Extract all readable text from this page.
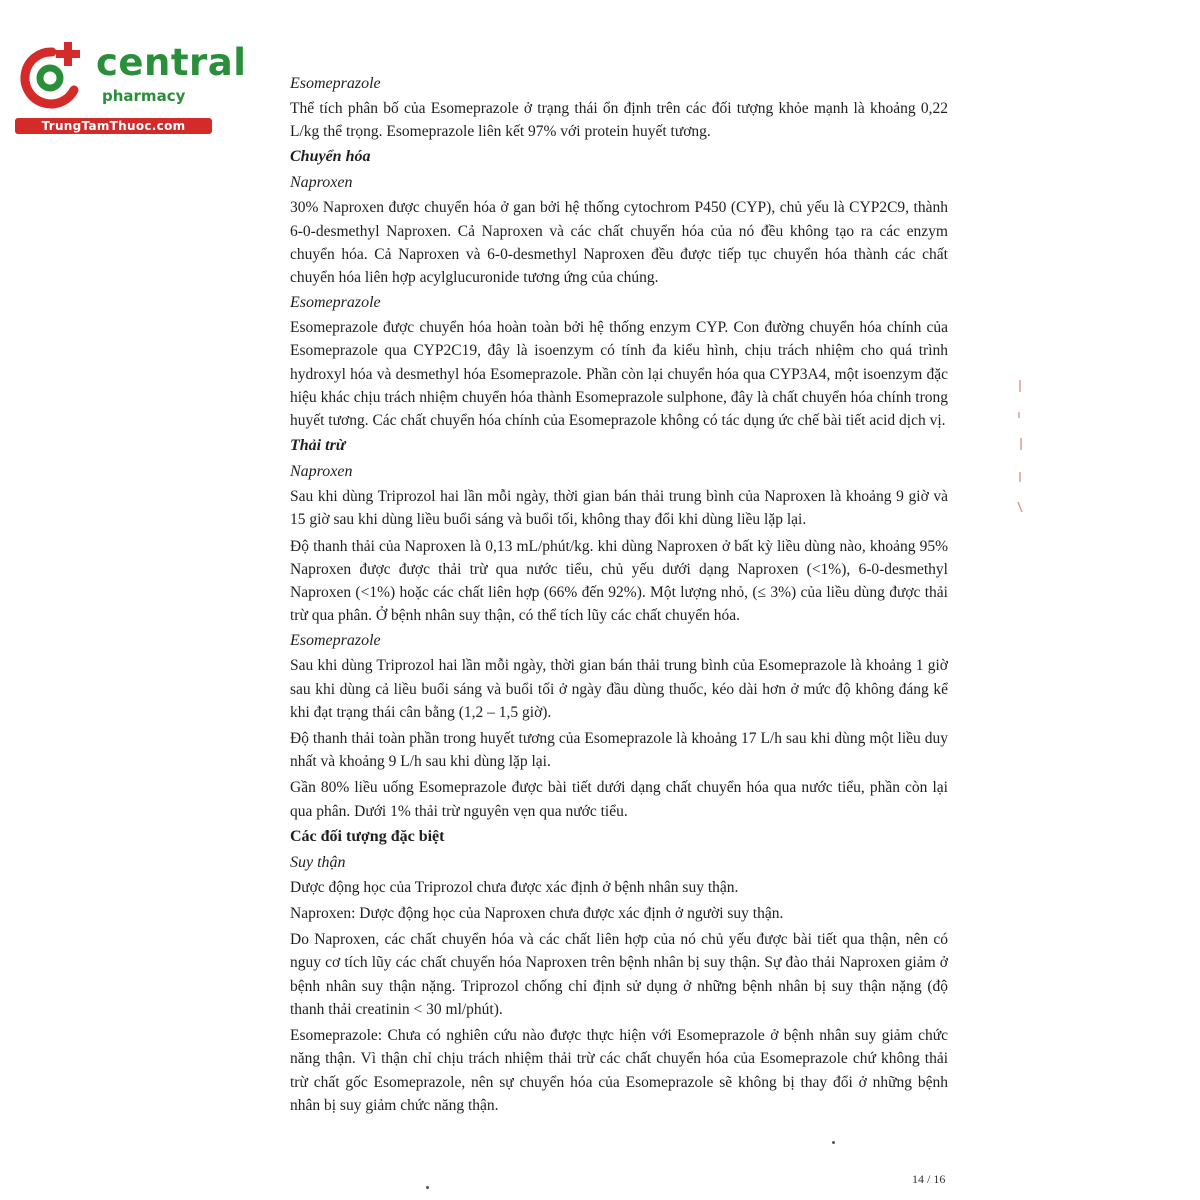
central
pharmacy
TrungTamThuoc.com

Esomeprazole

Thể tích phân bố của Esomeprazole ở trạng thái ổn định trên các đối tượng khỏe mạnh là khoảng 0,22 L/kg thể trọng. Esomeprazole liên kết 97% với protein huyết tương.

Chuyển hóa

Naproxen

30% Naproxen được chuyển hóa ở gan bởi hệ thống cytochrom P450 (CYP), chủ yếu là CYP2C9, thành 6-0-desmethyl Naproxen. Cả Naproxen và các chất chuyển hóa của nó đều không tạo ra các enzym chuyển hóa. Cả Naproxen và 6-0-desmethyl Naproxen đều được tiếp tục chuyển hóa thành các chất chuyển hóa liên hợp acylglucuronide tương ứng của chúng.

Esomeprazole

Esomeprazole được chuyển hóa hoàn toàn bởi hệ thống enzym CYP. Con đường chuyển hóa chính của Esomeprazole qua CYP2C19, đây là isoenzym có tính đa kiểu hình, chịu trách nhiệm cho quá trình hydroxyl hóa và desmethyl hóa Esomeprazole. Phần còn lại chuyển hóa qua CYP3A4, một isoenzym đặc hiệu khác chịu trách nhiệm chuyển hóa thành Esomeprazole sulphone, đây là chất chuyển hóa chính trong huyết tương. Các chất chuyển hóa chính của Esomeprazole không có tác dụng ức chế bài tiết acid dịch vị.

Thải trừ

Naproxen

Sau khi dùng Triprozol hai lần mỗi ngày, thời gian bán thải trung bình của Naproxen là khoảng 9 giờ và 15 giờ sau khi dùng liều buổi sáng và buổi tối, không thay đổi khi dùng liều lặp lại.

Độ thanh thải của Naproxen là 0,13 mL/phút/kg. khi dùng Naproxen ở bất kỳ liều dùng nào, khoảng 95% Naproxen được được thải trừ qua nước tiểu, chủ yếu dưới dạng Naproxen (<1%), 6-0-desmethyl Naproxen (<1%) hoặc các chất liên hợp (66% đến 92%). Một lượng nhỏ, (≤ 3%) của liều dùng được thải trừ qua phân. Ở bệnh nhân suy thận, có thể tích lũy các chất chuyển hóa.

Esomeprazole

Sau khi dùng Triprozol hai lần mỗi ngày, thời gian bán thải trung bình của Esomeprazole là khoảng 1 giờ sau khi dùng cả liều buổi sáng và buổi tối ở ngày đầu dùng thuốc, kéo dài hơn ở mức độ không đáng kể khi đạt trạng thái cân bằng (1,2 – 1,5 giờ).

Độ thanh thải toàn phần trong huyết tương của Esomeprazole là khoảng 17 L/h sau khi dùng một liều duy nhất và khoảng 9 L/h sau khi dùng lặp lại.

Gần 80% liều uống Esomeprazole được bài tiết dưới dạng chất chuyển hóa qua nước tiểu, phần còn lại qua phân. Dưới 1% thải trừ nguyên vẹn qua nước tiểu.

Các đối tượng đặc biệt

Suy thận

Dược động học của Triprozol chưa được xác định ở bệnh nhân suy thận.

Naproxen: Dược động học của Naproxen chưa được xác định ở người suy thận.

Do Naproxen, các chất chuyển hóa và các chất liên hợp của nó chủ yếu được bài tiết qua thận, nên có nguy cơ tích lũy các chất chuyển hóa Naproxen trên bệnh nhân bị suy thận. Sự đào thải Naproxen giảm ở bệnh nhân suy thận nặng. Triprozol chống chỉ định sử dụng ở những bệnh nhân bị suy thận nặng (độ thanh thải creatinin < 30 ml/phút).

Esomeprazole: Chưa có nghiên cứu nào được thực hiện với Esomeprazole ở bệnh nhân suy giảm chức năng thận. Vì thận chỉ chịu trách nhiệm thải trừ các chất chuyển hóa của Esomeprazole chứ không thải trừ chất gốc Esomeprazole, nên sự chuyển hóa của Esomeprazole sẽ không bị thay đổi ở những bệnh nhân bị suy giảm chức năng thận.

14 / 16
